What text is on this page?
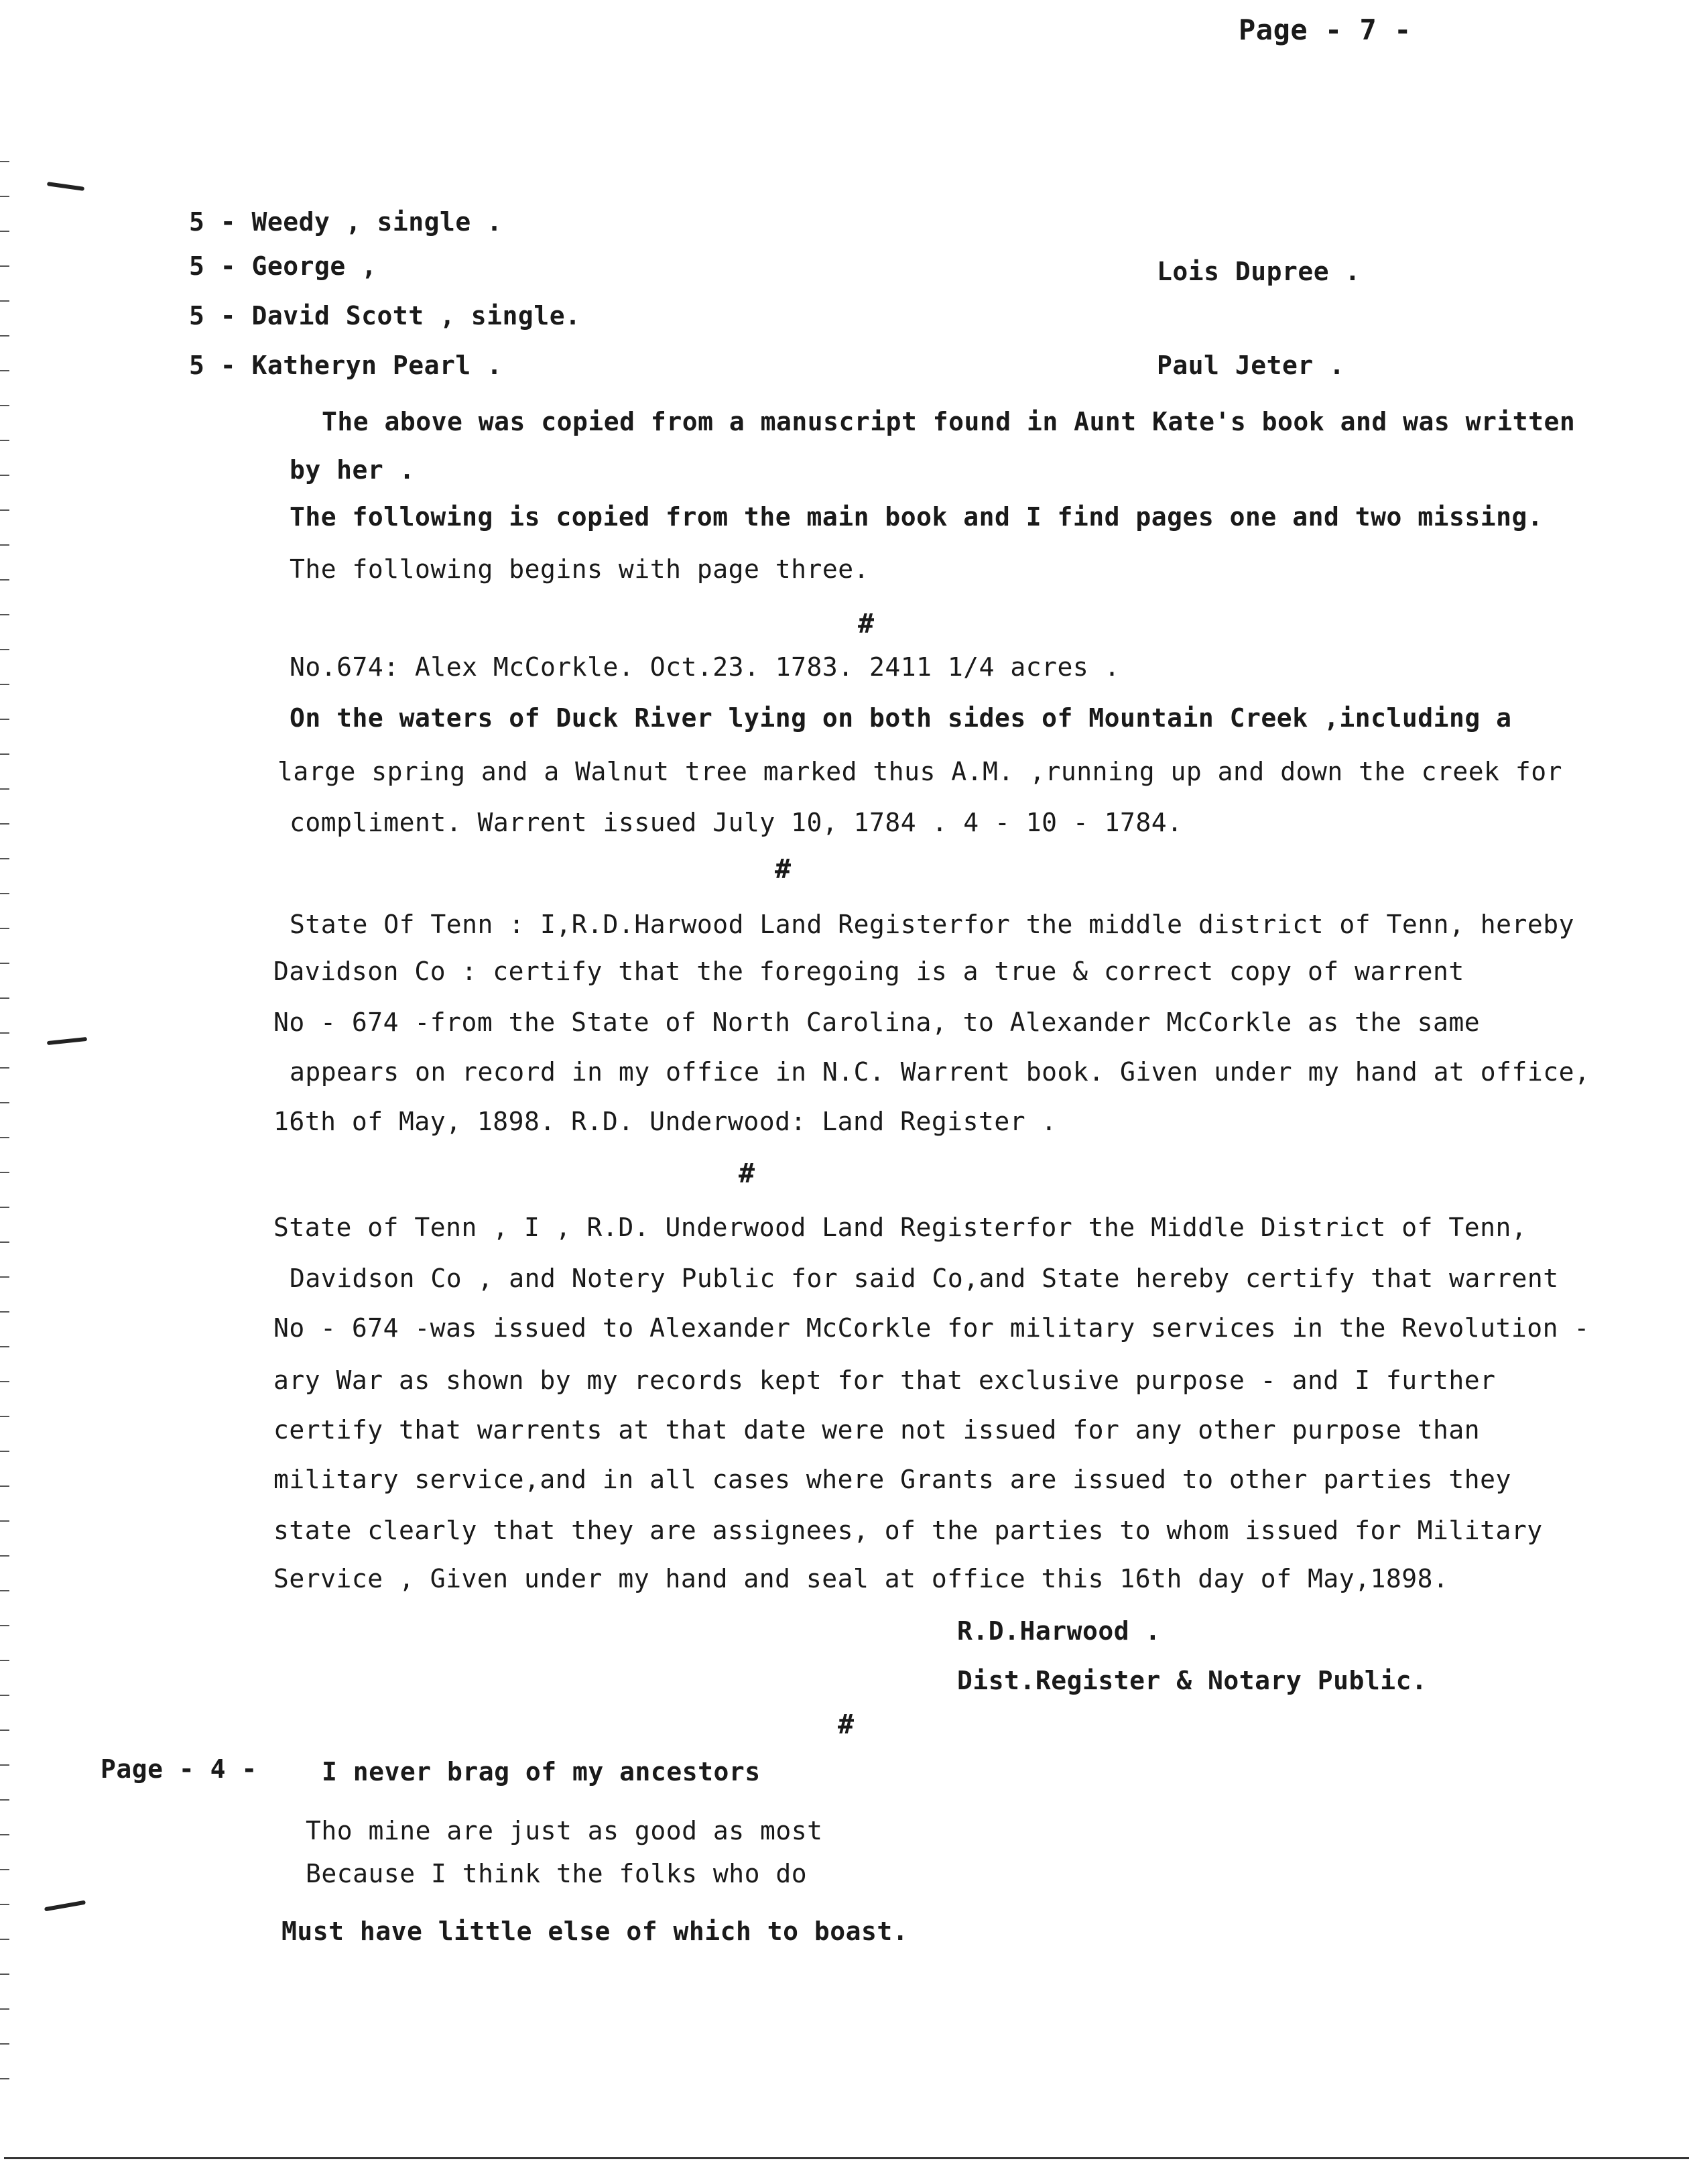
Page - 7 -
5 - Weedy , single .
5 - George ,	Lois Dupree .
5 - David Scott , single.
5 - Katheryn Pearl .	Paul Jeter .
The above was copied from a manuscript found in Aunt Kate's book and was written
by her .
The following is copied from the main book and I find pages one and two missing.
The following begins with page three.
#
No.674: Alex McCorkle. Oct.23. 1783. 2411 1/4 acres .
On the waters of Duck River lying on both sides of Mountain Creek ,including a
large spring and a Walnut tree marked thus A.M. ,running up and down the creek for
compliment. Warrent issued July 10, 1784 . 4 - 10 - 1784.
#
State Of Tenn : I,R.D.Harwood Land Registerfor the middle district of Tenn, hereby
Davidson Co : certify that the foregoing is a true & correct copy of warrent
No - 674 -from the State of North Carolina, to Alexander McCorkle as the same
appears on record in my office in N.C. Warrent book. Given under my hand at office,
16th of May, 1898. R.D. Underwood: Land Register .
#
State of Tenn , I , R.D. Underwood Land Registerfor the Middle District of Tenn,
Davidson Co , and Notery Public for said Co,and State hereby certify that warrent
No - 674 -was issued to Alexander McCorkle for military services in the Revolution -
ary War as shown by my records kept for that exclusive purpose - and I further
certify that warrents at that date were not issued for any other purpose than
military service,and in all cases where Grants are issued to other parties they
state clearly that they are assignees, of the parties to whom issued for Military
Service , Given under my hand and seal at office this 16th day of May,1898.
R.D.Harwood .
Dist.Register & Notary Public.
#
Page - 4 -	I never brag of my ancestors
Tho mine are just as good as most
Because I think the folks who do
Must have little else of which to boast.
